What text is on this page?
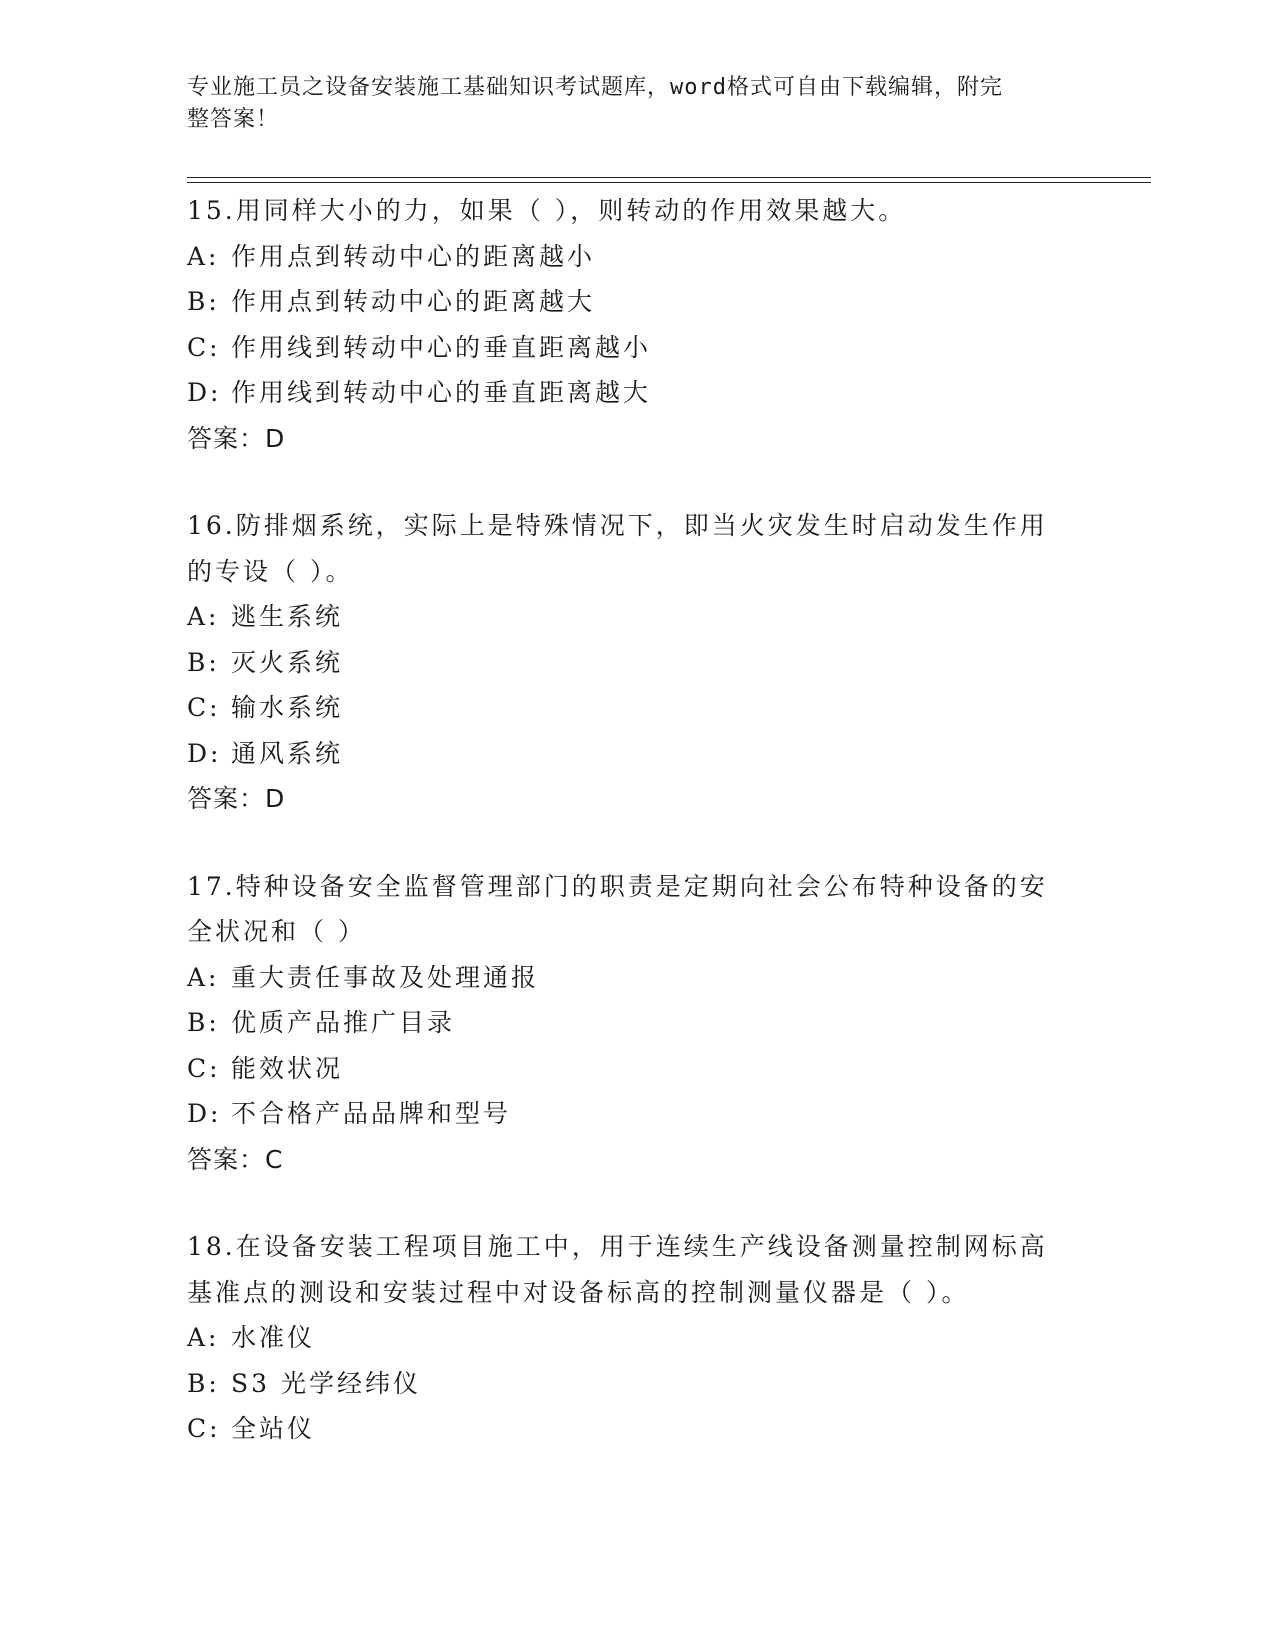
专业施工员之设备安装施工基础知识考试题库，word格式可自由下载编辑，附完
整答案！

15.用同样大小的力，如果（ ），则转动的作用效果越大。

A: 作用点到转动中心的距离越小

B: 作用点到转动中心的距离越大

C: 作用线到转动中心的垂直距离越小

D: 作用线到转动中心的垂直距离越大

答案：D

16.防排烟系统，实际上是特殊情况下，即当火灾发生时启动发生作用

的专设（ ）。

A: 逃生系统

B: 灭火系统

C: 输水系统

D: 通风系统

答案：D

17.特种设备安全监督管理部门的职责是定期向社会公布特种设备的安

全状况和（ ）

A: 重大责任事故及处理通报

B: 优质产品推广目录

C: 能效状况

D: 不合格产品品牌和型号

答案：C

18.在设备安装工程项目施工中，用于连续生产线设备测量控制网标高

基准点的测设和安装过程中对设备标高的控制测量仪器是（ ）。

A: 水准仪

B: S3 光学经纬仪

C: 全站仪
